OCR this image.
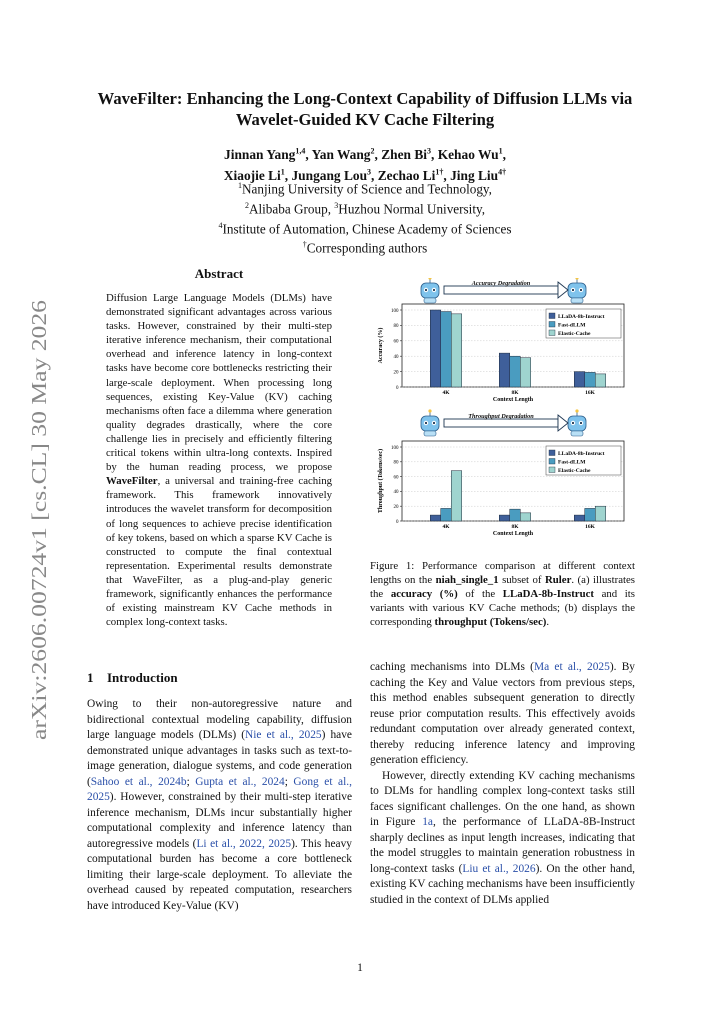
arXiv:2606.00724v1 [cs.CL] 30 May 2026
WaveFilter: Enhancing the Long-Context Capability of Diffusion LLMs via
Wavelet-Guided KV Cache Filtering
Jinnan Yang$^{1,4}$, Yan Wang$^2$, Zhen Bi$^3$, Kehao Wu$^1$,
Xiaojie Li$^1$, Jungang Lou$^3$, Zechao $Li^{1\dagger}$, Jing Liu$^{4\dagger}$
$^1$Nanjing University of Science and Technology,
$^2$Alibaba Group, $^3$Huzhou Normal University,
$^4$Institute of Automation, Chinese Academy of Sciences
†Corresponding authors
Abstract
Diffusion Large Language Models (DLMs) have demonstrated significant advantages across various tasks. However, constrained by their multi-step iterative inference mechanism, their computational overhead and inference latency in long-context tasks have become core bottlenecks restricting their large-scale deployment. When processing long sequences, existing Key-Value (KV) caching mechanisms often face a dilemma where generation quality degrades drastically, where the core challenge lies in precisely and efficiently filtering critical tokens within ultra-long contexts. Inspired by the human reading process, we propose WaveFilter, a universal and training-free caching framework. This framework innovatively introduces the wavelet transform for decomposition of long sequences to achieve precise identification of key tokens, based on which a sparse KV Cache is constructed to compute the final contextual representation. Experimental results demonstrate that WaveFilter, as a plug-and-play generic framework, significantly enhances the performance of existing mainstream KV Cache methods in complex long-context tasks.
1 Introduction

Owing to their non-autoregressive nature and bidirectional contextual modeling capability, diffusion large language models (DLMs) (Nie et al., 2025) have demonstrated unique advantages in tasks such as text-to-image generation, dialogue systems, and code generation (Sahoo et al., 2024b; Gupta et al., 2024; Gong et al., 2025). However, constrained by their multi-step iterative inference mechanism, DLMs incur substantially higher computational complexity and inference latency than autoregressive models (Li et al., 2022, 2025). This heavy computational burden has become a core bottleneck limiting their large-scale deployment. To alleviate the overhead caused by repeated computation, researchers have introduced Key-Value (KV)

caching mechanisms into DLMs (Ma et al., 2025). By caching the Key and Value vectors from previous steps, this method enables subsequent generation to directly reuse prior computation results. This effectively avoids redundant computation over already generated context, thereby reducing inference latency and improving generation efficiency.

However, directly extending KV caching mechanisms to DLMs for handling complex long-context tasks still faces significant challenges. On the one hand, as shown in Figure 1a, the performance of LLaDA-8B-Instruct sharply declines as input length increases, indicating that the model struggles to maintain generation robustness in long-context tasks (Liu et al., 2026). On the other hand, existing KV caching mechanisms have been insufficiently studied in the context of DLMs applied

Accuracy Degradation
0
20
40
60
80
100
Accuracy (%)
4K	8K	16K
Context Length
LLaDA-8b-Instruct
Fast-dLLM
Elastic-Cache
Throughput Degradation
0
20
40
60
80
100
Throughput (Tokens/sec)
4K	8K	16K
Context Length
LLaDA-8b-Instruct
Fast-dLLM
Elastic-Cache
Figure 1: Performance comparison at different context lengths on the niah_single_1 subset of Ruler. (a) illustrates the accuracy (%) of the LLaDA-8b-Instruct and its variants with various KV Cache methods; (b) displays the corresponding throughput (Tokens/sec).
1
